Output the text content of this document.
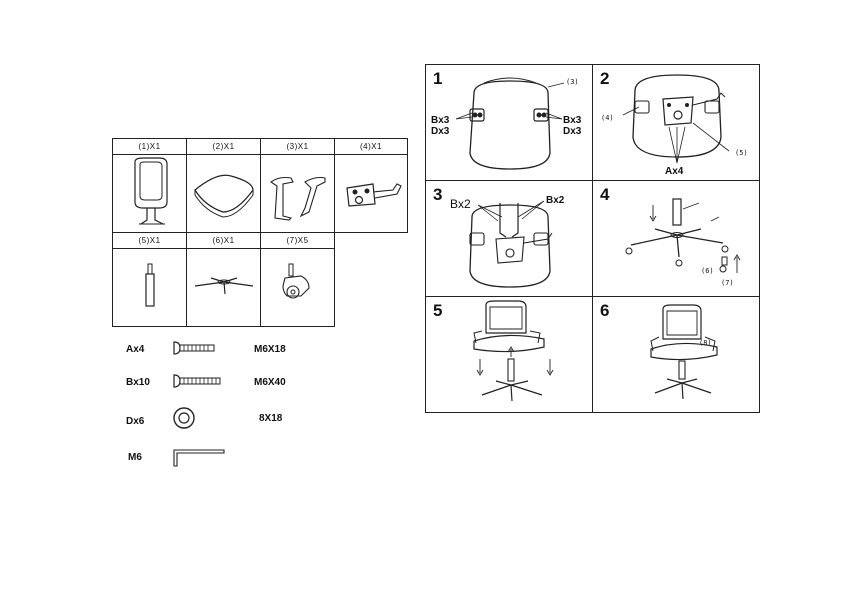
(1)X1	(2)X1	(3)X1	(4)X1
(5)X1	(6)X1	(7)X5
Ax4	M6X18
Bx10	M6X40
Dx6	8X18
M6
1	(3)
Bx3
Dx3
Bx3
Dx3
2
(4)
(5)
Ax4
3 Bx2	Bx2 4
(6)
(7)
(8)
5	6
